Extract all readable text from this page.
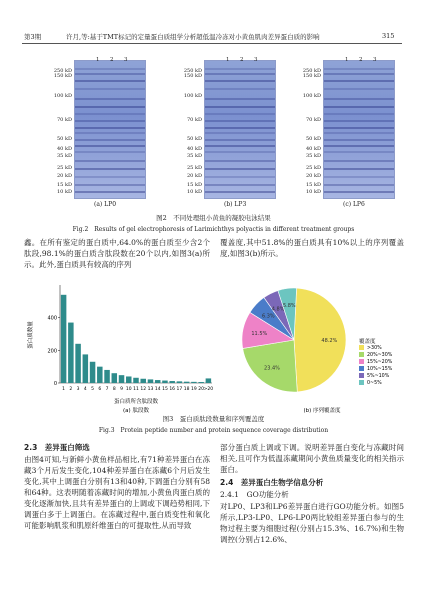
第3期	许月,等:基于TMT标记的定量蛋白质组学分析超低温冷冻对小黄鱼肌肉差异蛋白质的影响	315
1 2 3
250 kD
150 kD
100 kD
70 kD
50 kD
40 kD
35 kD
25 kD
20 kD
15 kD
10 kD
(a) LP0
1 2 3
250 kD
150 kD
100 kD
70 kD
50 kD
40 kD
35 kD
25 kD
20 kD
15 kD
10 kD
(b) LP3
1 2 3
250 kD
150 kD
100 kD
70 kD
50 kD
40 kD
35 kD
25 kD
20 kD
15 kD
10 kD
(c) LP6
图2　不同处理组小黄鱼的凝胶电泳结果
Fig.2　Results of gel electrophoresis of Larimichthys polyactis in different treatment groups
鑫。在所有鉴定的蛋白质中,64.0%的蛋白质至少含2个肽段,98.1%的蛋白质含肽段数在20个以内,如图3(a)所示。此外,蛋白质具有较高的序列
覆盖度,其中51.8%的蛋白质具有10%以上的序列覆盖度,如图3(b)所示。
蛋白质数量
蛋白质所含肽段数
(a) 肽段数
0
200
400
1 2 3 4 5 6 7 8 9 10 11 12 13 14 15 16 17 18 19 20 >20
(b) 序列覆盖度
覆盖度
48.2%
23.4%
11.5%
6.3%
4.8%
5.8%
>30%
20%~30%
15%~20%
10%~15%
5%~10%
0~5%
图3　蛋白质肽段数量和序列覆盖度
Fig.3　Protein peptide number and protein sequence coverage distribution
2.3　差异蛋白筛选
由图4可知,与新鲜小黄鱼样品相比,有71种差异蛋白在冻藏3个月后发生变化,104种差异蛋白在冻藏6个月后发生变化,其中上调蛋白分别有13和40种,下调蛋白分别有58和64种。这表明随着冻藏时间的增加,小黄鱼肉蛋白质的变化逐渐加快,且共有差异蛋白的上调或下调趋势相同,下调蛋白多于上调蛋白。在冻藏过程中,蛋白质变性和氧化可能影响肌浆和肌原纤维蛋白的可提取性,从而导致
部分蛋白质上调或下调。说明差异蛋白变化与冻藏时间相关,且可作为低温冻藏期间小黄鱼质量变化的相关指示蛋白。
2.4　差异蛋白生物学信息分析
2.4.1　GO功能分析
对LP0、LP3和LP6差异蛋白进行GO功能分析。如图5所示,LP3-LP0、LP6-LP0两比较组差异蛋白参与的生物过程主要为细胞过程(分别占15.3%、16.7%)和生物调控(分别占12.6%、
